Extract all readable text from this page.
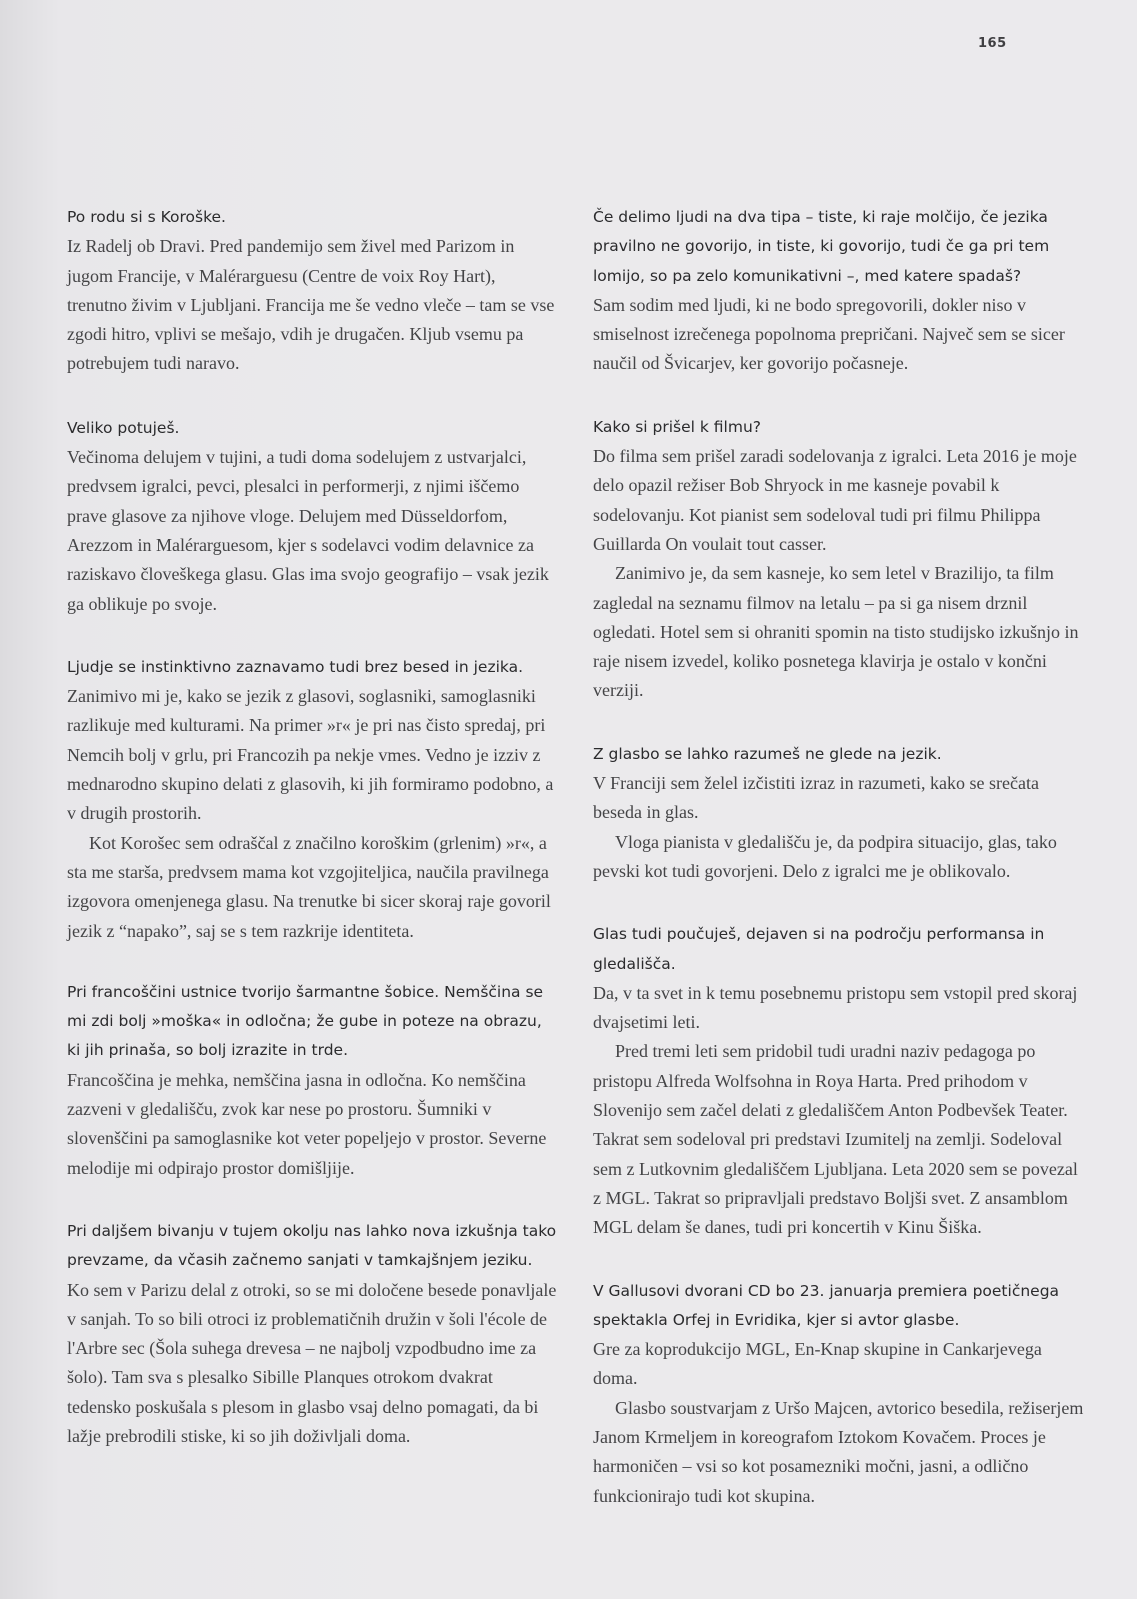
165
Po rodu si s Koroške.
Iz Radelj ob Dravi. Pred pandemijo sem živel med Parizom in jugom Francije, v Malérarguesu (Centre de voix Roy Hart), trenutno živim v Ljubljani. Francija me še vedno vleče – tam se vse zgodi hitro, vplivi se mešajo, vdih je drugačen. Kljub vsemu pa potrebujem tudi naravo.
Veliko potuješ.
Večinoma delujem v tujini, a tudi doma sodelujem z ustvarjalci, predvsem igralci, pevci, plesalci in performerji, z njimi iščemo prave glasove za njihove vloge. Delujem med Düsseldorfom, Arezzom in Malérarguesom, kjer s sodelavci vodim delavnice za raziskavo človeškega glasu. Glas ima svojo geografijo – vsak jezik ga oblikuje po svoje.
Ljudje se instinktivno zaznavamo tudi brez besed in jezika.
Zanimivo mi je, kako se jezik z glasovi, soglasniki, samoglasniki razlikuje med kulturami. Na primer »r« je pri nas čisto spredaj, pri Nemcih bolj v grlu, pri Francozih pa nekje vmes. Vedno je izziv z mednarodno skupino delati z glasovih, ki jih formiramo podobno, a v drugih prostorih.
Kot Korošec sem odraščal z značilno koroškim (grlenim) »r«, a sta me starša, predvsem mama kot vzgojiteljica, naučila pravilnega izgovora omenjenega glasu. Na trenutke bi sicer skoraj raje govoril jezik z “napako”, saj se s tem razkrije identiteta.
Pri francoščini ustnice tvorijo šarmantne šobice. Nemščina se mi zdi bolj »moška« in odločna; že gube in poteze na obrazu, ki jih prinaša, so bolj izrazite in trde.
Francoščina je mehka, nemščina jasna in odločna. Ko nemščina zazveni v gledališču, zvok kar nese po prostoru. Šumniki v slovenščini pa samoglasnike kot veter popeljejo v prostor. Severne melodije mi odpirajo prostor domišljije.
Pri daljšem bivanju v tujem okolju nas lahko nova izkušnja tako prevzame, da včasih začnemo sanjati v tamkajšnjem jeziku.
Ko sem v Parizu delal z otroki, so se mi določene besede ponavljale v sanjah. To so bili otroci iz problematičnih družin v šoli l'école de l'Arbre sec (Šola suhega drevesa – ne najbolj vzpodbudno ime za šolo). Tam sva s plesalko Sibille Planques otrokom dvakrat tedensko poskušala s plesom in glasbo vsaj delno pomagati, da bi lažje prebrodili stiske, ki so jih doživljali doma.
Če delimo ljudi na dva tipa – tiste, ki raje molčijo, če jezika pravilno ne govorijo, in tiste, ki govorijo, tudi če ga pri tem lomijo, so pa zelo komunikativni –, med katere spadaš?
Sam sodim med ljudi, ki ne bodo spregovorili, dokler niso v smiselnost izrečenega popolnoma prepričani. Največ sem se sicer naučil od Švicarjev, ker govorijo počasneje.
Kako si prišel k filmu?
Do filma sem prišel zaradi sodelovanja z igralci. Leta 2016 je moje delo opazil režiser Bob Shryock in me kasneje povabil k sodelovanju. Kot pianist sem sodeloval tudi pri filmu Philippa Guillarda On voulait tout casser.
Zanimivo je, da sem kasneje, ko sem letel v Brazilijo, ta film zagledal na seznamu filmov na letalu – pa si ga nisem drznil ogledati. Hotel sem si ohraniti spomin na tisto studijsko izkušnjo in raje nisem izvedel, koliko posnetega klavirja je ostalo v končni verziji.
Z glasbo se lahko razumeš ne glede na jezik.
V Franciji sem želel izčistiti izraz in razumeti, kako se srečata beseda in glas.
Vloga pianista v gledališču je, da podpira situacijo, glas, tako pevski kot tudi govorjeni. Delo z igralci me je oblikovalo.
Glas tudi poučuješ, dejaven si na področju performansa in gledališča.
Da, v ta svet in k temu posebnemu pristopu sem vstopil pred skoraj dvajsetimi leti.
Pred tremi leti sem pridobil tudi uradni naziv pedagoga po pristopu Alfreda Wolfsohna in Roya Harta. Pred prihodom v Slovenijo sem začel delati z gledališčem Anton Podbevšek Teater. Takrat sem sodeloval pri predstavi Izumitelj na zemlji. Sodeloval sem z Lutkovnim gledališčem Ljubljana. Leta 2020 sem se povezal z MGL. Takrat so pripravljali predstavo Boljši svet. Z ansamblom MGL delam še danes, tudi pri koncertih v Kinu Šiška.
V Gallusovi dvorani CD bo 23. januarja premiera poetičnega spektakla Orfej in Evridika, kjer si avtor glasbe.
Gre za koprodukcijo MGL, En-Knap skupine in Cankarjevega doma.
Glasbo soustvarjam z Uršo Majcen, avtorico besedila, režiserjem Janom Krmeljem in koreografom Iztokom Kovačem. Proces je harmoničen – vsi so kot posamezniki močni, jasni, a odlično funkcionirajo tudi kot skupina.
